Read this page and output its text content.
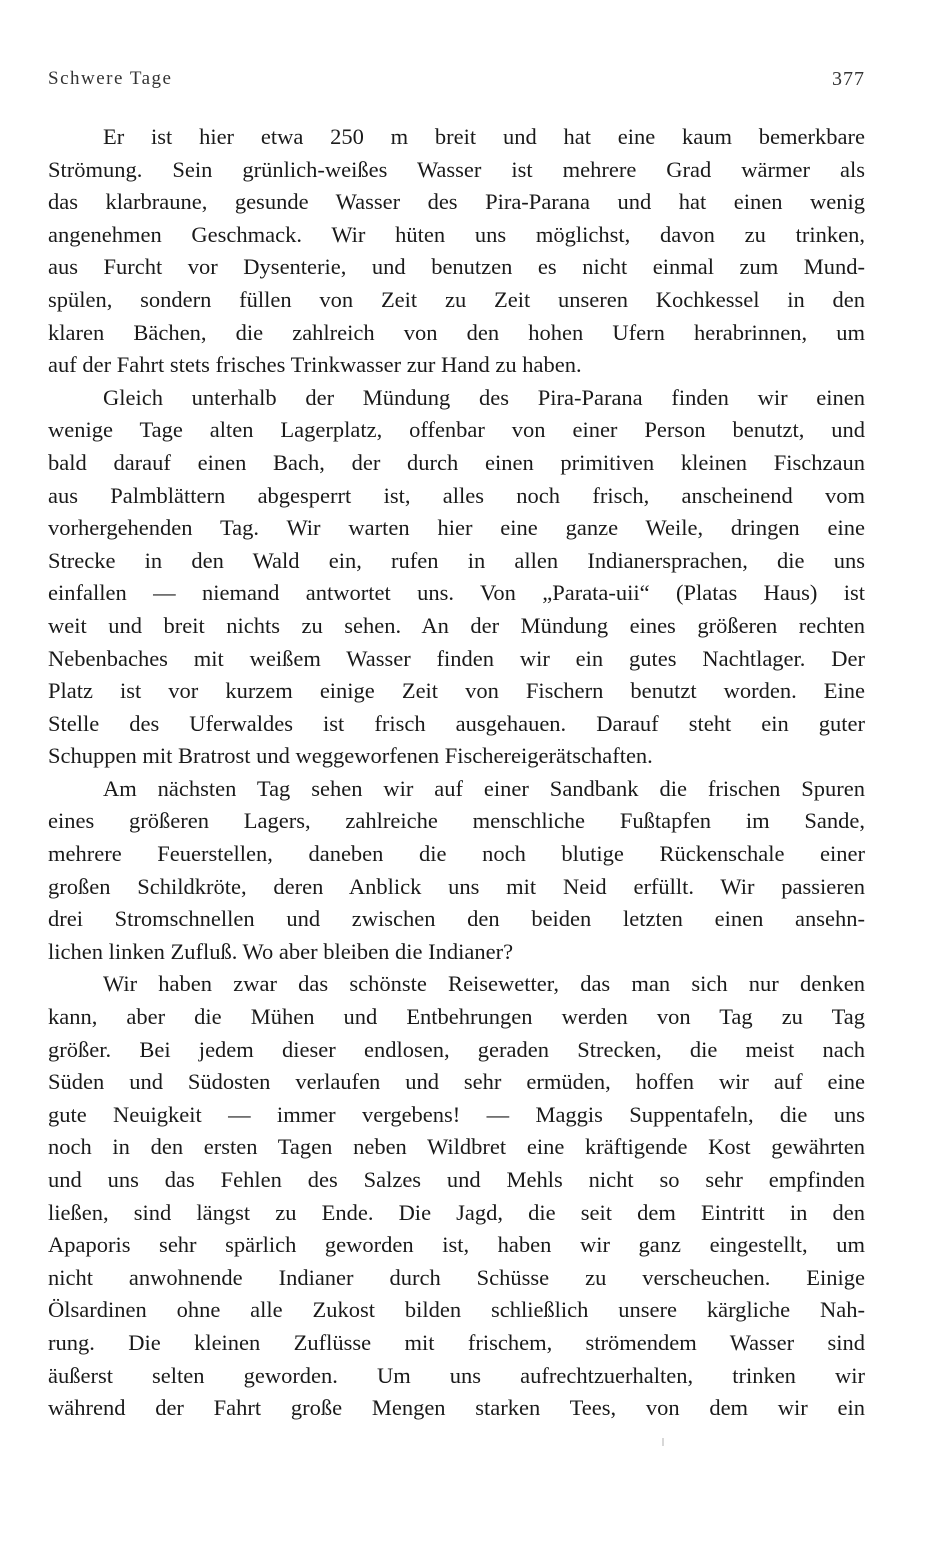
Schwere Tage	377
Er ist hier etwa 250 m breit und hat eine kaum bemerkbare
Strömung. Sein grünlich-weißes Wasser ist mehrere Grad wärmer als
das klarbraune, gesunde Wasser des Pira-Parana und hat einen wenig
angenehmen Geschmack. Wir hüten uns möglichst, davon zu trinken,
aus Furcht vor Dysenterie, und benutzen es nicht einmal zum Mund-
spülen, sondern füllen von Zeit zu Zeit unseren Kochkessel in den
klaren Bächen, die zahlreich von den hohen Ufern herabrinnen, um
auf der Fahrt stets frisches Trinkwasser zur Hand zu haben.
Gleich unterhalb der Mündung des Pira-Parana finden wir einen
wenige Tage alten Lagerplatz, offenbar von einer Person benutzt, und
bald darauf einen Bach, der durch einen primitiven kleinen Fischzaun
aus Palmblättern abgesperrt ist, alles noch frisch, anscheinend vom
vorhergehenden Tag. Wir warten hier eine ganze Weile, dringen eine
Strecke in den Wald ein, rufen in allen Indianersprachen, die uns
einfallen — niemand antwortet uns. Von „Parata-uii“ (Platas Haus) ist
weit und breit nichts zu sehen. An der Mündung eines größeren rechten
Nebenbaches mit weißem Wasser finden wir ein gutes Nachtlager. Der
Platz ist vor kurzem einige Zeit von Fischern benutzt worden. Eine
Stelle des Uferwaldes ist frisch ausgehauen. Darauf steht ein guter
Schuppen mit Bratrost und weggeworfenen Fischereigerätschaften.
Am nächsten Tag sehen wir auf einer Sandbank die frischen Spuren
eines größeren Lagers, zahlreiche menschliche Fußtapfen im Sande,
mehrere Feuerstellen, daneben die noch blutige Rückenschale einer
großen Schildkröte, deren Anblick uns mit Neid erfüllt. Wir passieren
drei Stromschnellen und zwischen den beiden letzten einen ansehn-
lichen linken Zufluß. Wo aber bleiben die Indianer?
Wir haben zwar das schönste Reisewetter, das man sich nur denken
kann, aber die Mühen und Entbehrungen werden von Tag zu Tag
größer. Bei jedem dieser endlosen, geraden Strecken, die meist nach
Süden und Südosten verlaufen und sehr ermüden, hoffen wir auf eine
gute Neuigkeit — immer vergebens! — Maggis Suppentafeln, die uns
noch in den ersten Tagen neben Wildbret eine kräftigende Kost gewährten
und uns das Fehlen des Salzes und Mehls nicht so sehr empfinden
ließen, sind längst zu Ende. Die Jagd, die seit dem Eintritt in den
Apaporis sehr spärlich geworden ist, haben wir ganz eingestellt, um
nicht anwohnende Indianer durch Schüsse zu verscheuchen. Einige
Ölsardinen ohne alle Zukost bilden schließlich unsere kärgliche Nah-
rung. Die kleinen Zuflüsse mit frischem, strömendem Wasser sind
äußerst selten geworden. Um uns aufrechtzuerhalten, trinken wir
während der Fahrt große Mengen starken Tees, von dem wir ein
